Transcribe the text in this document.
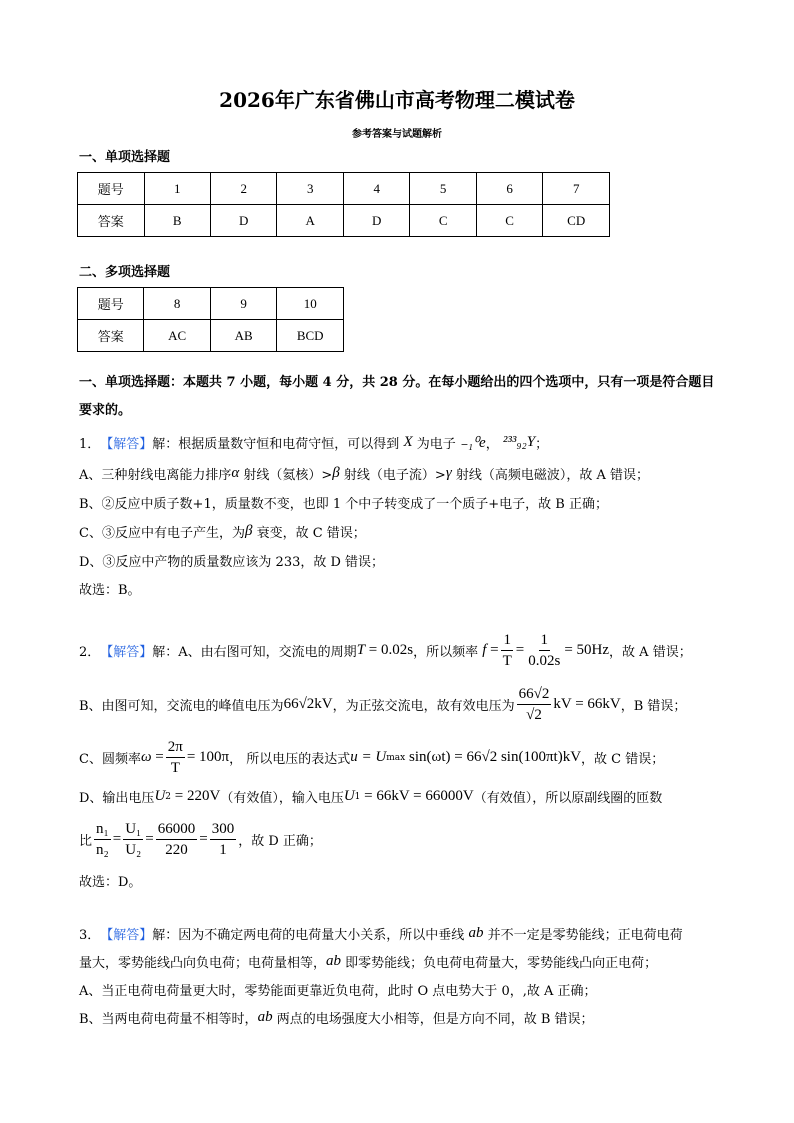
2026年广东省佛山市高考物理二模试卷
参考答案与试题解析
一、单项选择题
题号	1	2	3	4	5	6	7
答案	B	D	A	D	C	C	CD
二、多项选择题
题号	8	9	10
答案	AC	AB	BCD
一、单项选择题：本题共 7 小题，每小题 4 分，共 28 分。在每小题给出的四个选项中，只有一项是符合题目要求的。
1． 【解答】 解：根据质量数守恒和电荷守恒，可以得到 X 为电子 ₋₁⁰e ， ²³³₉₂Y ；
A、三种射线电离能力排序 α 射线（氦核）> β 射线（电子流）> γ 射线（高频电磁波），故 A 错误；
B、②反应中质子数+1，质量数不变，也即 1 个中子转变成了一个质子+电子，故 B 正确；
C、③反应中有电子产生，为 β 衰变，故 C 错误；
D、③反应中产物的质量数应该为 233，故 D 错误；
故选：B。
2． 【解答】 解：A、由右图可知，交流电的周期 T = 0.02s ，所以频率 $f = \frac{1}{T} = \frac{1}{0.02s} = 50Hz$ ，故 A 错误；
B、由图可知，交流电的峰值电压为 66√2kV ，为正弦交流电，故有效电压为 $\frac{66√2}{√2}$ kV = 66kV ，B 错误；
C、圆频率 $\omega = \frac{2\pi}{T} = 100\pi$ ， 所以电压的表达式 u = U max sin(ωt) = 66√2 sin(100πt)kV ，故 C 错误；
D、输出电压 U 2 = 220V （有效值），输入电压 U 1 = 66kV = 66000V （有效值），所以原副线圈的匝数
比 $\frac{\text{n₁}}{\text{n₂}} = \frac{\text{U₁}}{\text{U₂}} = \frac{66000}{220} = \frac{300}{1}$ ，故 D 正确；
故选：D。
3． 【解答】 解：因为不确定两电荷的电荷量大小关系，所以中垂线 ab 并不一定是零势能线；正电荷电荷
量大，零势能线凸向负电荷；电荷量相等， ab 即零势能线；负电荷电荷量大，零势能线凸向正电荷；
A、当正电荷电荷量更大时，零势能面更靠近负电荷，此时 O 点电势大于 0，,故 A 正确；
B、当两电荷电荷量不相等时， ab 两点的电场强度大小相等，但是方向不同，故 B 错误；
